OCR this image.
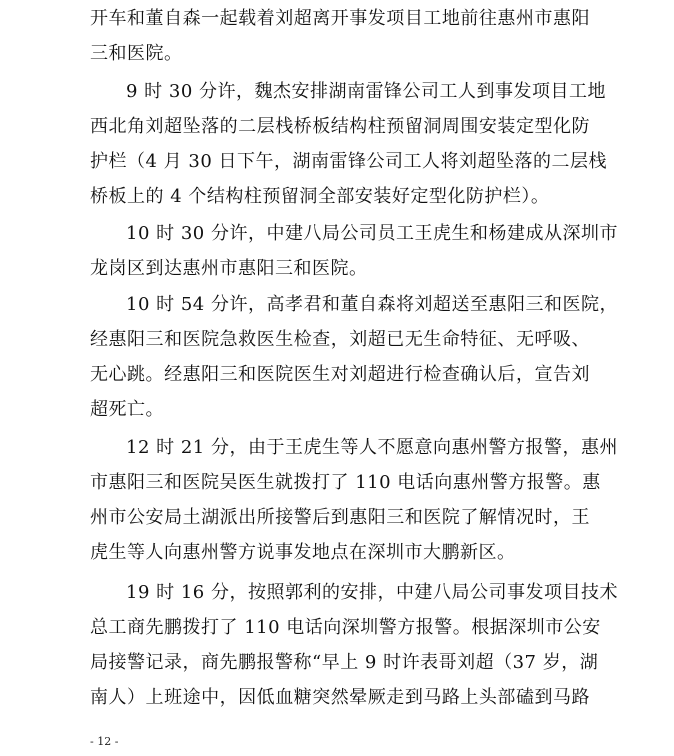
开车和董自森一起载着刘超离开事发项目工地前往惠州市惠阳
三和医院。
9 时 30 分许，魏杰安排湖南雷锋公司工人到事发项目工地
西北角刘超坠落的二层栈桥板结构柱预留洞周围安装定型化防
护栏（4 月 30 日下午，湖南雷锋公司工人将刘超坠落的二层栈
桥板上的 4 个结构柱预留洞全部安装好定型化防护栏）。
10 时 30 分许，中建八局公司员工王虎生和杨建成从深圳市
龙岗区到达惠州市惠阳三和医院。
10 时 54 分许，高孝君和董自森将刘超送至惠阳三和医院，
经惠阳三和医院急救医生检查，刘超已无生命特征、无呼吸、
无心跳。经惠阳三和医院医生对刘超进行检查确认后，宣告刘
超死亡。
12 时 21 分，由于王虎生等人不愿意向惠州警方报警，惠州
市惠阳三和医院吴医生就拨打了 110 电话向惠州警方报警。惠
州市公安局土湖派出所接警后到惠阳三和医院了解情况时，王
虎生等人向惠州警方说事发地点在深圳市大鹏新区。
19 时 16 分，按照郭利的安排，中建八局公司事发项目技术
总工商先鹏拨打了 110 电话向深圳警方报警。根据深圳市公安
局接警记录，商先鹏报警称“早上 9 时许表哥刘超（37 岁，湖
南人）上班途中，因低血糖突然晕厥走到马路上头部磕到马路
- 12 -
